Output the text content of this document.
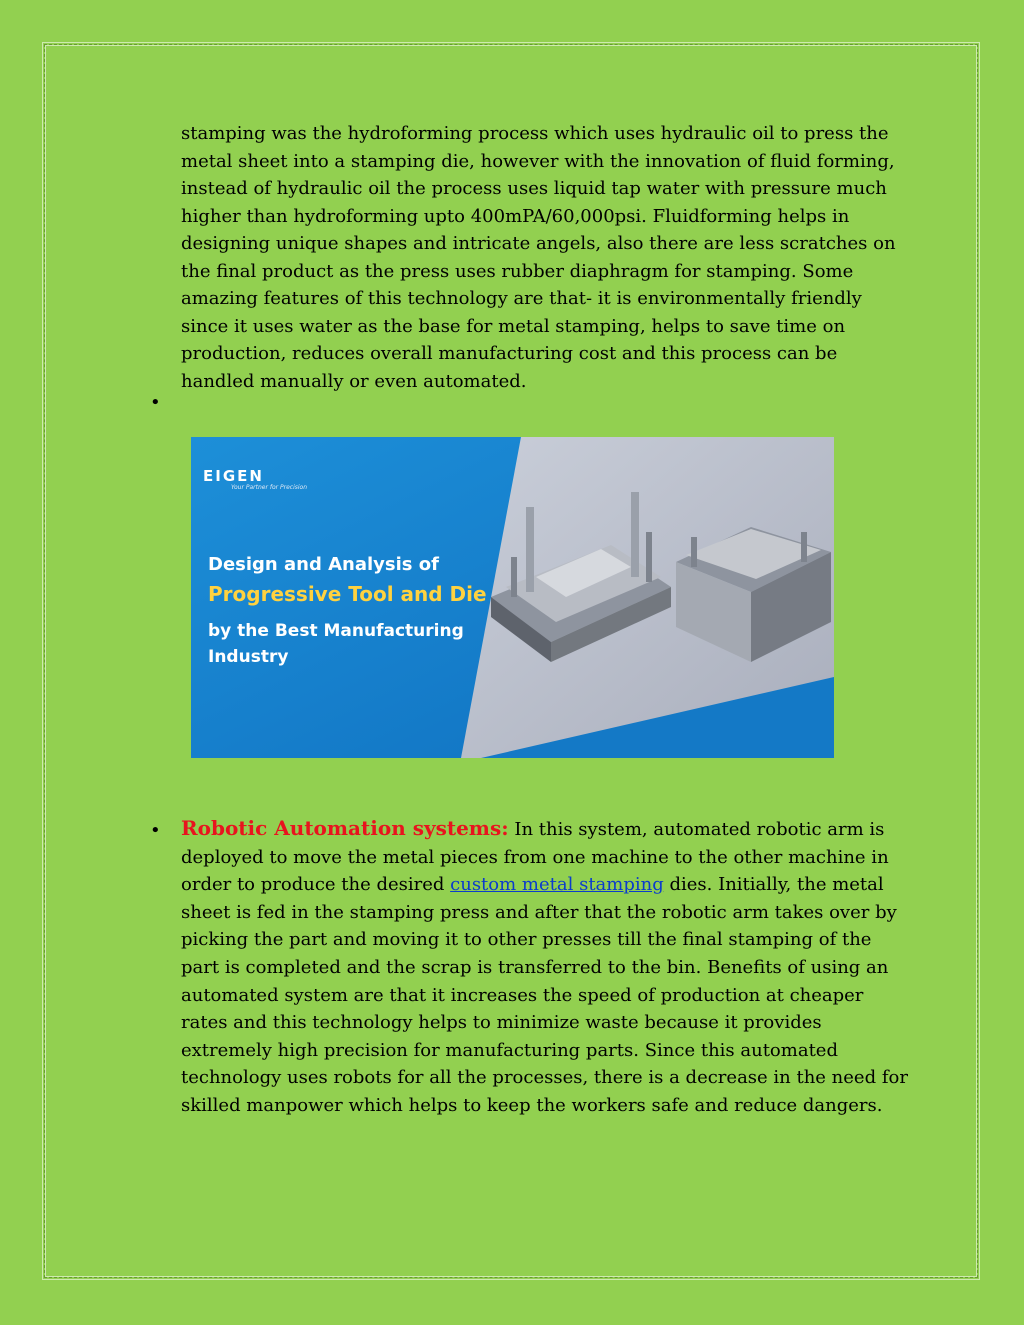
stamping was the hydroforming process which uses hydraulic oil to press the metal sheet into a stamping die, however with the innovation of fluid forming, instead of hydraulic oil the process uses liquid tap water with pressure much higher than hydroforming upto 400mPA/60,000psi. Fluidforming helps in designing unique shapes and intricate angels, also there are less scratches on the final product as the press uses rubber diaphragm for stamping. Some amazing features of this technology are that- it is environmentally friendly since it uses water as the base for metal stamping, helps to save time on production, reduces overall manufacturing cost and this process can be handled manually or even automated.

•
EIGEN
Your Partner for Precision
Design and Analysis of
Progressive Tool and Die
by the Best Manufacturing
Industry
• Robotic Automation systems: In this system, automated robotic arm is deployed to move the metal pieces from one machine to the other machine in order to produce the desired custom metal stamping dies. Initially, the metal sheet is fed in the stamping press and after that the robotic arm takes over by picking the part and moving it to other presses till the final stamping of the part is completed and the scrap is transferred to the bin. Benefits of using an automated system are that it increases the speed of production at cheaper rates and this technology helps to minimize waste because it provides extremely high precision for manufacturing parts. Since this automated technology uses robots for all the processes, there is a decrease in the need for skilled manpower which helps to keep the workers safe and reduce dangers.
